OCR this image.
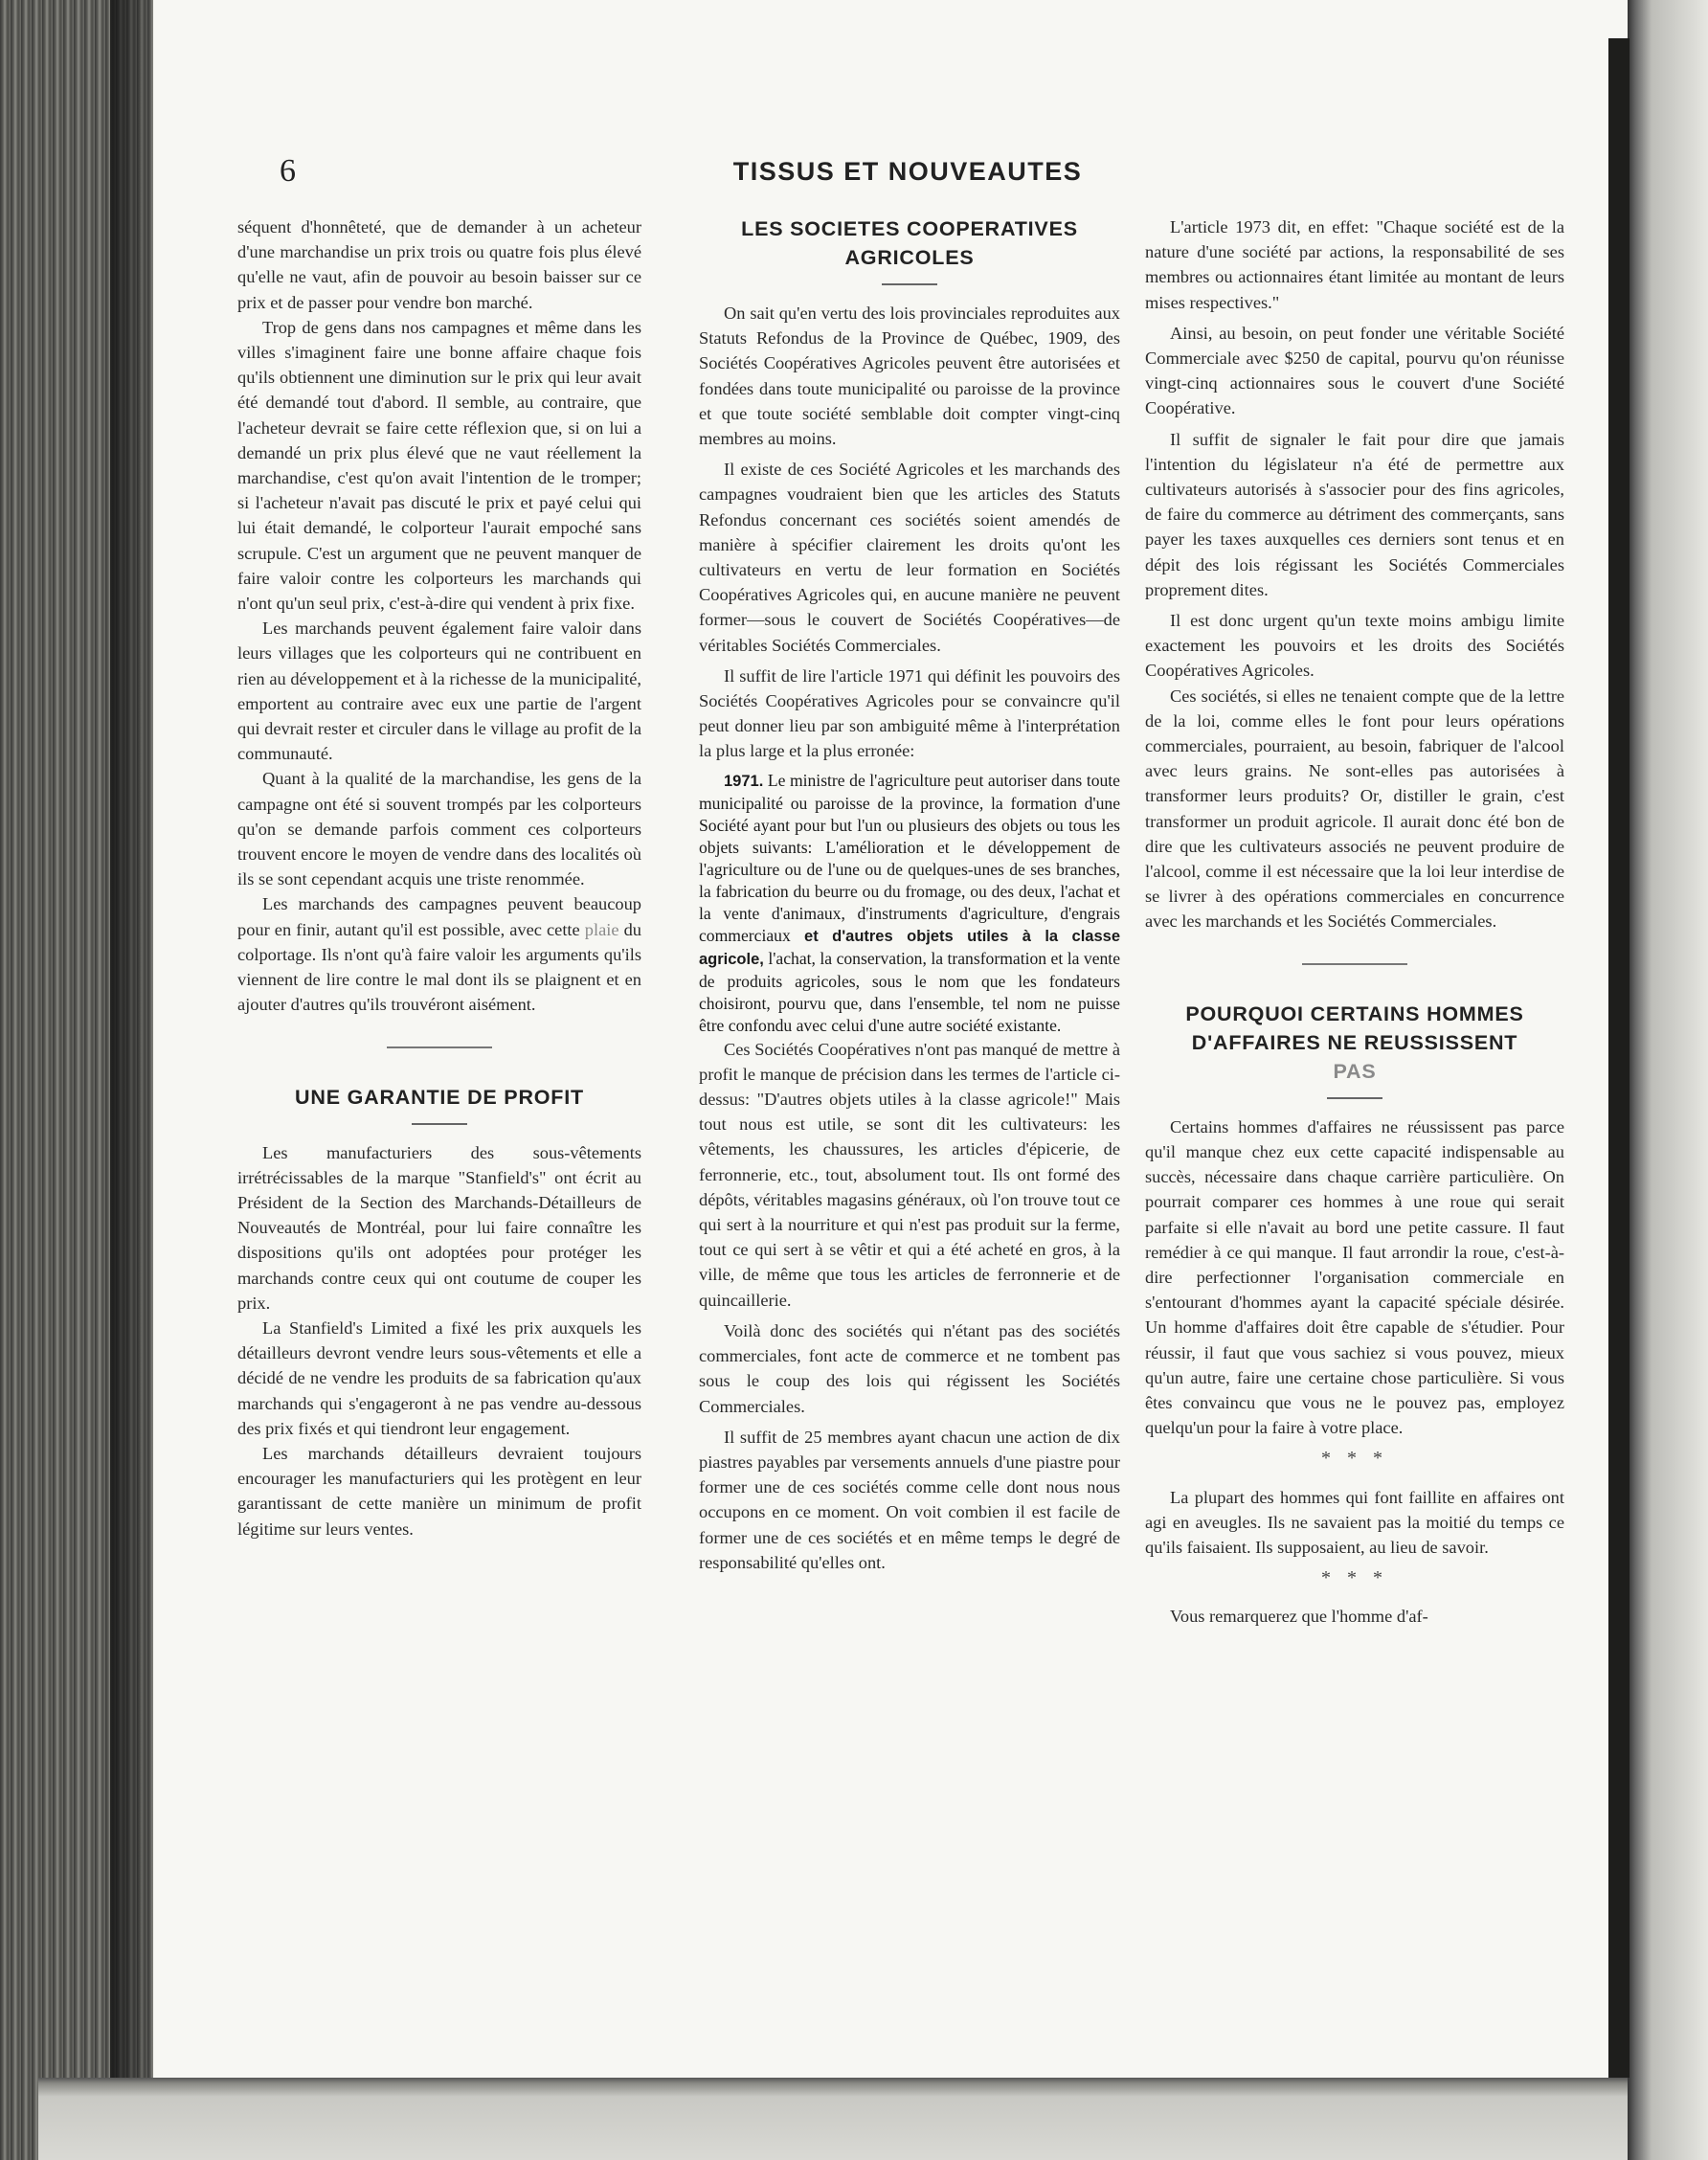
6	TISSUS ET NOUVEAUTES

séquent d'honnêteté, que de demander à un acheteur d'une marchandise un prix trois ou quatre fois plus élevé qu'elle ne vaut, afin de pouvoir au besoin baisser sur ce prix et de passer pour vendre bon marché.

Trop de gens dans nos campagnes et même dans les villes s'imaginent faire une bonne affaire chaque fois qu'ils obtiennent une diminution sur le prix qui leur avait été demandé tout d'abord. Il semble, au contraire, que l'acheteur devrait se faire cette réflexion que, si on lui a demandé un prix plus élevé que ne vaut réellement la marchandise, c'est qu'on avait l'intention de le tromper; si l'acheteur n'avait pas discuté le prix et payé celui qui lui était demandé, le colporteur l'aurait empoché sans scrupule. C'est un argument que ne peuvent manquer de faire valoir contre les colporteurs les marchands qui n'ont qu'un seul prix, c'est-à-dire qui vendent à prix fixe.

Les marchands peuvent également faire valoir dans leurs villages que les colporteurs qui ne contribuent en rien au développement et à la richesse de la municipalité, emportent au contraire avec eux une partie de l'argent qui devrait rester et circuler dans le village au profit de la communauté.

Quant à la qualité de la marchandise, les gens de la campagne ont été si souvent trompés par les colporteurs qu'on se demande parfois comment ces colporteurs trouvent encore le moyen de vendre dans des localités où ils se sont cependant acquis une triste renommée.

Les marchands des campagnes peuvent beaucoup pour en finir, autant qu'il est possible, avec cette plaie du colportage. Ils n'ont qu'à faire valoir les arguments qu'ils viennent de lire contre le mal dont ils se plaignent et en ajouter d'autres qu'ils trouvéront aisément.

UNE GARANTIE DE PROFIT

Les manufacturiers des sous-vêtements irrétrécissables de la marque "Stanfield's" ont écrit au Président de la Section des Marchands-Détailleurs de Nouveautés de Montréal, pour lui faire connaître les dispositions qu'ils ont adoptées pour protéger les marchands contre ceux qui ont coutume de couper les prix.

La Stanfield's Limited a fixé les prix auxquels les détailleurs devront vendre leurs sous-vêtements et elle a décidé de ne vendre les produits de sa fabrication qu'aux marchands qui s'engageront à ne pas vendre au-dessous des prix fixés et qui tiendront leur engagement.

Les marchands détailleurs devraient toujours encourager les manufacturiers qui les protègent en leur garantissant de cette manière un minimum de profit légitime sur leurs ventes.

LES SOCIETES COOPERATIVES AGRICOLES

On sait qu'en vertu des lois provinciales reproduites aux Statuts Refondus de la Province de Québec, 1909, des Sociétés Coopératives Agricoles peuvent être autorisées et fondées dans toute municipalité ou paroisse de la province et que toute société semblable doit compter vingt-cinq membres au moins.

Il existe de ces Société Agricoles et les marchands des campagnes voudraient bien que les articles des Statuts Refondus concernant ces sociétés soient amendés de manière à spécifier clairement les droits qu'ont les cultivateurs en vertu de leur formation en Sociétés Coopératives Agricoles qui, en aucune manière ne peuvent former—sous le couvert de Sociétés Coopératives—de véritables Sociétés Commerciales.

Il suffit de lire l'article 1971 qui définit les pouvoirs des Sociétés Coopératives Agricoles pour se convaincre qu'il peut donner lieu par son ambiguité même à l'interprétation la plus large et la plus erronée:

1971. Le ministre de l'agriculture peut autoriser dans toute municipalité ou paroisse de la province, la formation d'une Société ayant pour but l'un ou plusieurs des objets ou tous les objets suivants: L'amélioration et le développement de l'agriculture ou de l'une ou de quelques-unes de ses branches, la fabrication du beurre ou du fromage, ou des deux, l'achat et la vente d'animaux, d'instruments d'agriculture, d'engrais commerciaux et d'autres objets utiles à la classe agricole, l'achat, la conservation, la transformation et la vente de produits agricoles, sous le nom que les fondateurs choisiront, pourvu que, dans l'ensemble, tel nom ne puisse être confondu avec celui d'une autre société existante.

Ces Sociétés Coopératives n'ont pas manqué de mettre à profit le manque de précision dans les termes de l'article ci-dessus: "D'autres objets utiles à la classe agricole!" Mais tout nous est utile, se sont dit les cultivateurs: les vêtements, les chaussures, les articles d'épicerie, de ferronnerie, etc., tout, absolument tout. Ils ont formé des dépôts, véritables magasins généraux, où l'on trouve tout ce qui sert à la nourriture et qui n'est pas produit sur la ferme, tout ce qui sert à se vêtir et qui a été acheté en gros, à la ville, de même que tous les articles de ferronnerie et de quincaillerie.

Voilà donc des sociétés qui n'étant pas des sociétés commerciales, font acte de commerce et ne tombent pas sous le coup des lois qui régissent les Sociétés Commerciales.

Il suffit de 25 membres ayant chacun une action de dix piastres payables par versements annuels d'une piastre pour former une de ces sociétés comme celle dont nous nous occupons en ce moment. On voit combien il est facile de former une de ces sociétés et en même temps le degré de responsabilité qu'elles ont.

L'article 1973 dit, en effet: "Chaque société est de la nature d'une société par actions, la responsabilité de ses membres ou actionnaires étant limitée au montant de leurs mises respectives."

Ainsi, au besoin, on peut fonder une véritable Société Commerciale avec $250 de capital, pourvu qu'on réunisse vingt-cinq actionnaires sous le couvert d'une Société Coopérative.

Il suffit de signaler le fait pour dire que jamais l'intention du législateur n'a été de permettre aux cultivateurs autorisés à s'associer pour des fins agricoles, de faire du commerce au détriment des commerçants, sans payer les taxes auxquelles ces derniers sont tenus et en dépit des lois régissant les Sociétés Commerciales proprement dites.

Il est donc urgent qu'un texte moins ambigu limite exactement les pouvoirs et les droits des Sociétés Coopératives Agricoles.

Ces sociétés, si elles ne tenaient compte que de la lettre de la loi, comme elles le font pour leurs opérations commerciales, pourraient, au besoin, fabriquer de l'alcool avec leurs grains. Ne sont-elles pas autorisées à transformer leurs produits? Or, distiller le grain, c'est transformer un produit agricole. Il aurait donc été bon de dire que les cultivateurs associés ne peuvent produire de l'alcool, comme il est nécessaire que la loi leur interdise de se livrer à des opérations commerciales en concurrence avec les marchands et les Sociétés Commerciales.

POURQUOI CERTAINS HOMMES D'AFFAIRES NE REUSSISSENT
PAS

Certains hommes d'affaires ne réussissent pas parce qu'il manque chez eux cette capacité indispensable au succès, nécessaire dans chaque carrière particulière. On pourrait comparer ces hommes à une roue qui serait parfaite si elle n'avait au bord une petite cassure. Il faut remédier à ce qui manque. Il faut arrondir la roue, c'est-à-dire perfectionner l'organisation commerciale en s'entourant d'hommes ayant la capacité spéciale désirée. Un homme d'affaires doit être capable de s'étudier. Pour réussir, il faut que vous sachiez si vous pouvez, mieux qu'un autre, faire une certaine chose particulière. Si vous êtes convaincu que vous ne le pouvez pas, employez quelqu'un pour la faire à votre place.

* * *

La plupart des hommes qui font faillite en affaires ont agi en aveugles. Ils ne savaient pas la moitié du temps ce qu'ils faisaient. Ils supposaient, au lieu de savoir.

* * *

Vous remarquerez que l'homme d'af-
